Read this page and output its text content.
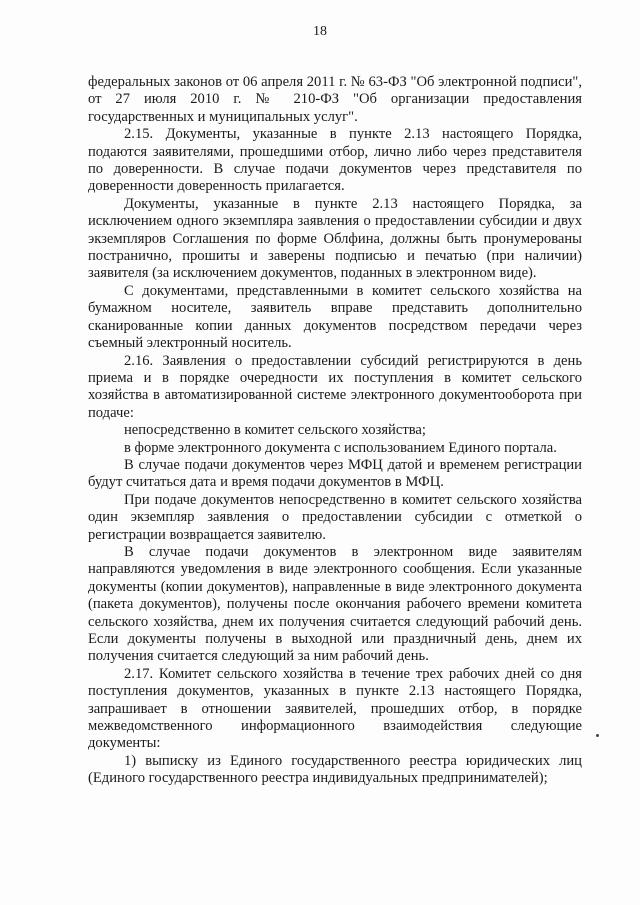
18

федеральных законов от 06 апреля 2011 г. № 63-ФЗ "Об электронной подписи", от 27 июля 2010 г. № 210-ФЗ "Об организации предоставления государственных и муниципальных услуг".

2.15. Документы, указанные в пункте 2.13 настоящего Порядка, подаются заявителями, прошедшими отбор, лично либо через представителя по доверенности. В случае подачи документов через представителя по доверенности доверенность прилагается.

Документы, указанные в пункте 2.13 настоящего Порядка, за исключением одного экземпляра заявления о предоставлении субсидии и двух экземпляров Соглашения по форме Облфина, должны быть пронумерованы постранично, прошиты и заверены подписью и печатью (при наличии) заявителя (за исключением документов, поданных в электронном виде).

С документами, представленными в комитет сельского хозяйства на бумажном носителе, заявитель вправе представить дополнительно сканированные копии данных документов посредством передачи через съемный электронный носитель.

2.16. Заявления о предоставлении субсидий регистрируются в день приема и в порядке очередности их поступления в комитет сельского хозяйства в автоматизированной системе электронного документооборота при подаче:

непосредственно в комитет сельского хозяйства;

в форме электронного документа с использованием Единого портала.

В случае подачи документов через МФЦ датой и временем регистрации будут считаться дата и время подачи документов в МФЦ.

При подаче документов непосредственно в комитет сельского хозяйства один экземпляр заявления о предоставлении субсидии с отметкой о регистрации возвращается заявителю.

В случае подачи документов в электронном виде заявителям направляются уведомления в виде электронного сообщения. Если указанные документы (копии документов), направленные в виде электронного документа (пакета документов), получены после окончания рабочего времени комитета сельского хозяйства, днем их получения считается следующий рабочий день. Если документы получены в выходной или праздничный день, днем их получения считается следующий за ним рабочий день.

2.17. Комитет сельского хозяйства в течение трех рабочих дней со дня поступления документов, указанных в пункте 2.13 настоящего Порядка, запрашивает в отношении заявителей, прошедших отбор, в порядке межведомственного информационного взаимодействия следующие документы:

1) выписку из Единого государственного реестра юридических лиц (Единого государственного реестра индивидуальных предпринимателей);
